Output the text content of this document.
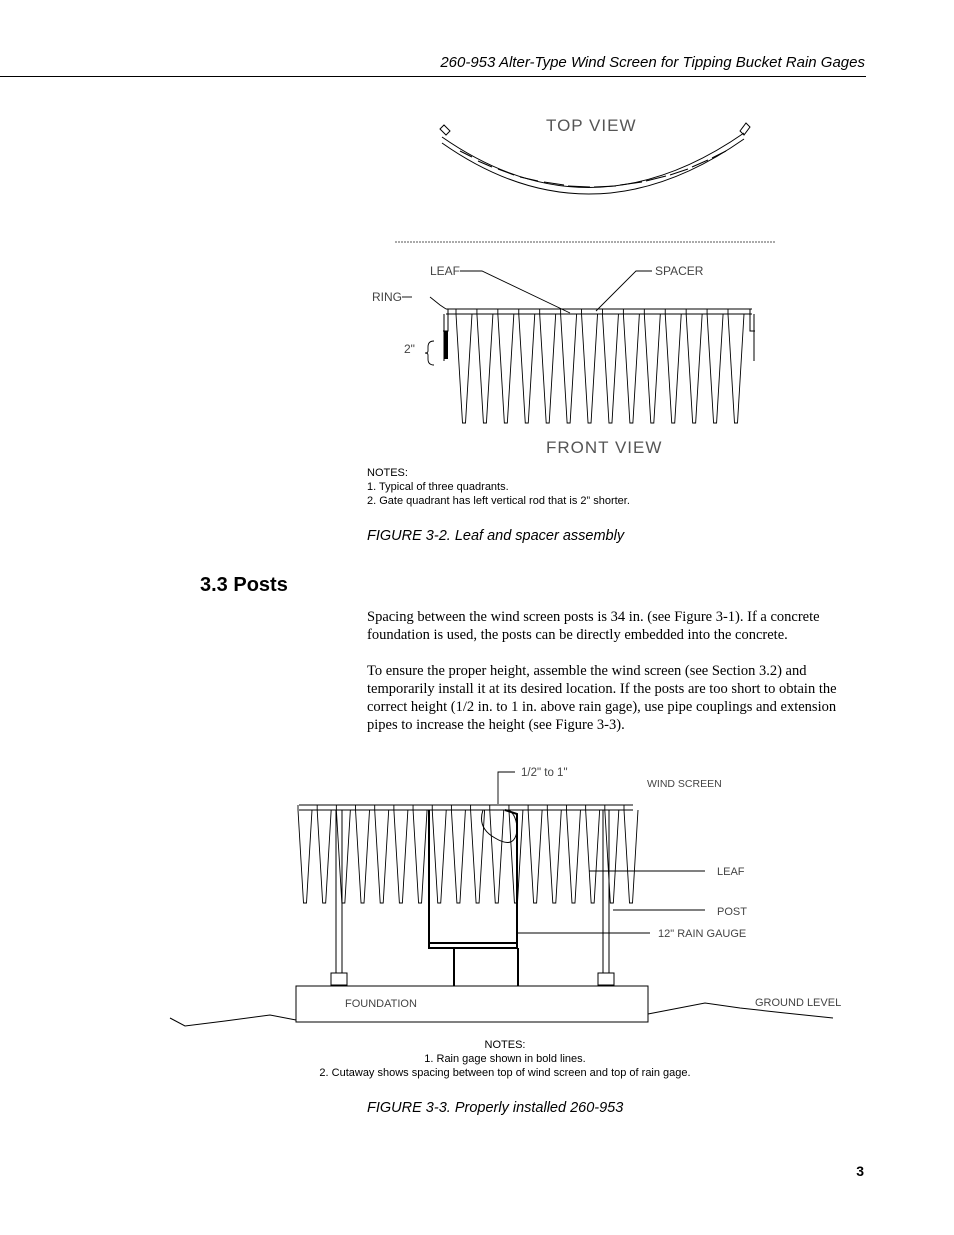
260-953 Alter-Type Wind Screen for Tipping Bucket Rain Gages
TOP VIEW
FRONT VIEW
LEAF	SPACER
RING
2"
NOTES:
1. Typical of three quadrants.
2. Gate quadrant has left vertical rod that is 2” shorter.
FIGURE 3-2. Leaf and spacer assembly
3.3 Posts

Spacing between the wind screen posts is 34 in. (see Figure 3-1). If a concrete foundation is used, the posts can be directly embedded into the concrete.

To ensure the proper height, assemble the wind screen (see Section 3.2) and temporarily install it at its desired location. If the posts are too short to obtain the correct height (1/2 in. to 1 in. above rain gage), use pipe couplings and extension pipes to increase the height (see Figure 3-3).

1/2" to 1"
WIND SCREEN
LEAF
POST
12" RAIN GAUGE
FOUNDATION	GROUND LEVEL
NOTES:
1. Rain gage shown in bold lines.
2. Cutaway shows spacing between top of wind screen and top of rain gage.
FIGURE 3-3. Properly installed 260-953
3
